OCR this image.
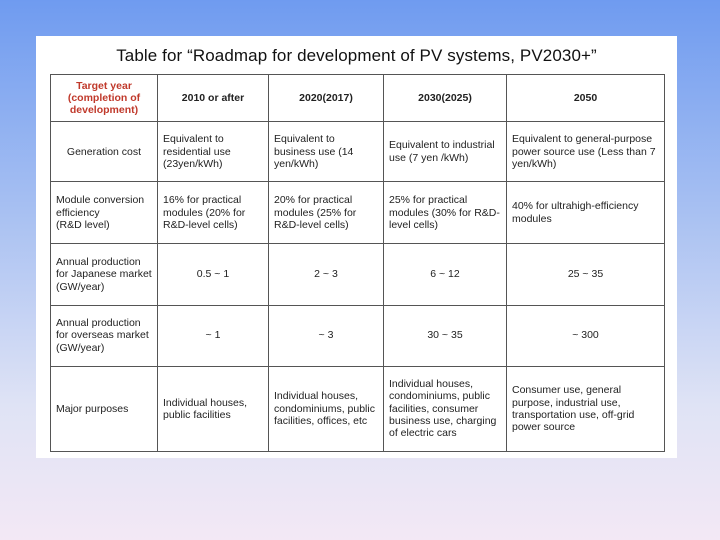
Table for “Roadmap for development of PV systems, PV2030+”
Target year
(completion of
development)	2010 or after	2020(2017)	2030(2025)	2050
Generation cost	Equivalent to residential use (23yen/kWh)	Equivalent to business use (14 yen/kWh)	Equivalent to industrial use (7 yen /kWh)	Equivalent to general-purpose power source use (Less than 7 yen/kWh)

Module conversion efficiency
(R&D level)	16% for practical modules (20% for R&D-level cells)	20% for practical modules (25% for R&D-level cells)	25% for practical modules (30% for R&D-level cells)	40% for ultrahigh-efficiency modules
Annual production for Japanese market (GW/year)	0.5 ~ 1	2 ~ 3	6 ~ 12	25 ~ 35
Annual production for overseas market (GW/year)	~ 1	~ 3	30 ~ 35	~ 300
Major purposes	Individual houses, public facilities	Individual houses, condominiums, public facilities, offices, etc	Individual houses, condominiums, public facilities, consumer business use, charging of electric cars	Consumer use, general purpose, industrial use, transportation use, off-grid power source
